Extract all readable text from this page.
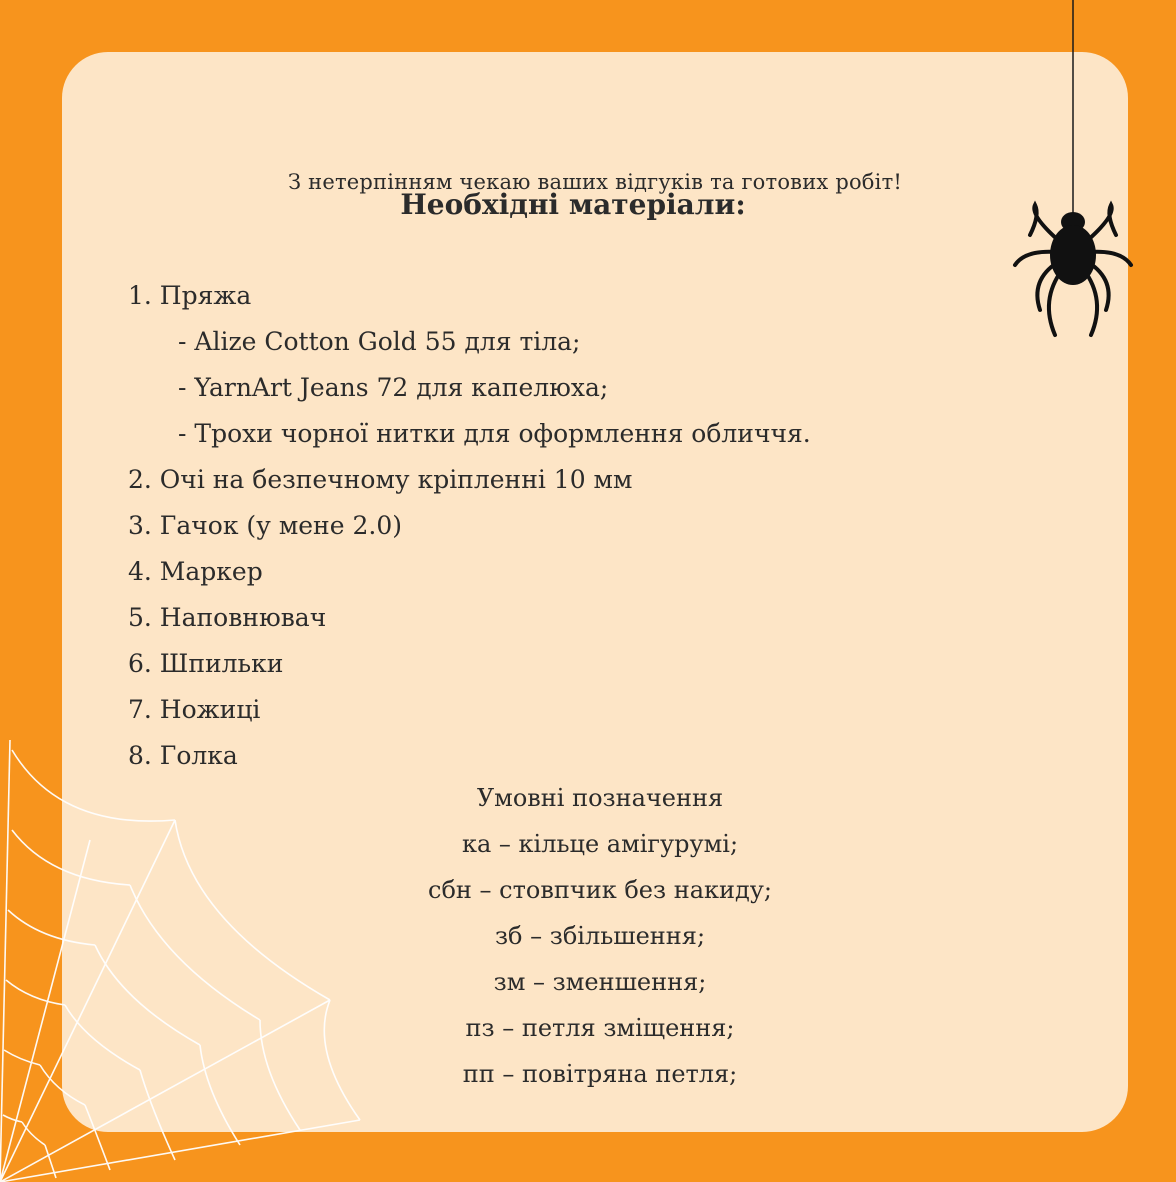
З нетерпінням чекаю ваших відгуків та готових робіт!
Необхідні матеріали:
1. Пряжа
- Alize Cotton Gold 55 для тіла;
- YarnArt Jeans 72 для капелюха;
- Трохи чорної нитки для оформлення обличчя.
2. Очі на безпечному кріпленні 10 мм
3. Гачок (у мене 2.0)
4. Маркер
5. Наповнювач
6. Шпильки
7. Ножиці
8. Голка
Умовні позначення
ка – кільце амігурумі;
сбн – стовпчик без накиду;
зб – збільшення;
зм – зменшення;
пз – петля зміщення;
пп – повітряна петля;
